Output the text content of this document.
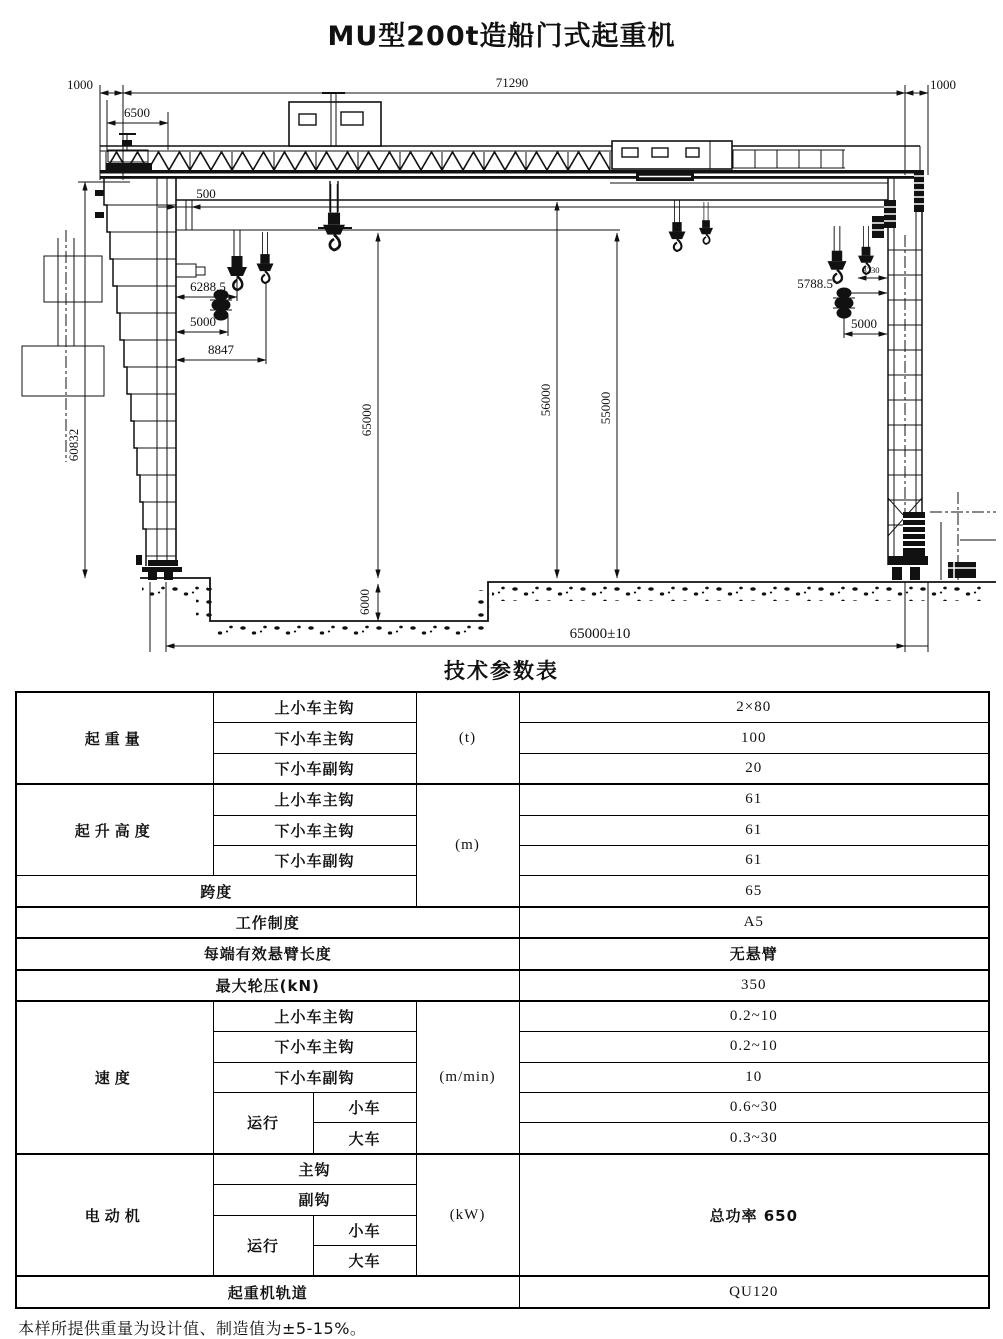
MU型200t造船门式起重机
1000	71290	1000
6500
500
6288.5
5000
8847
60832
65000
6000
56000	55000
5788.5
3230
5000
65000±10
技术参数表
起重量	上小车主钩		(t)	2×80
	下小车主钩			100
	下小车副钩			20
起升高度	上小车主钩		(m)	61
	下小车主钩			61
	下小车副钩			61
跨度				65
工作制度				A5
每端有效悬臂长度				无悬臂
最大轮压(kN)				350
速度	上小车主钩		(m/min)	0.2~10
	下小车主钩			0.2~10
	下小车副钩			10
	运行	小车		0.6~30
		大车		0.3~30
电动机	主钩		(kW)	总功率 650
	副钩			
	运行	小车		
		大车		
起重机轨道				QU120
本样所提供重量为设计值、制造值为±5-15%。
